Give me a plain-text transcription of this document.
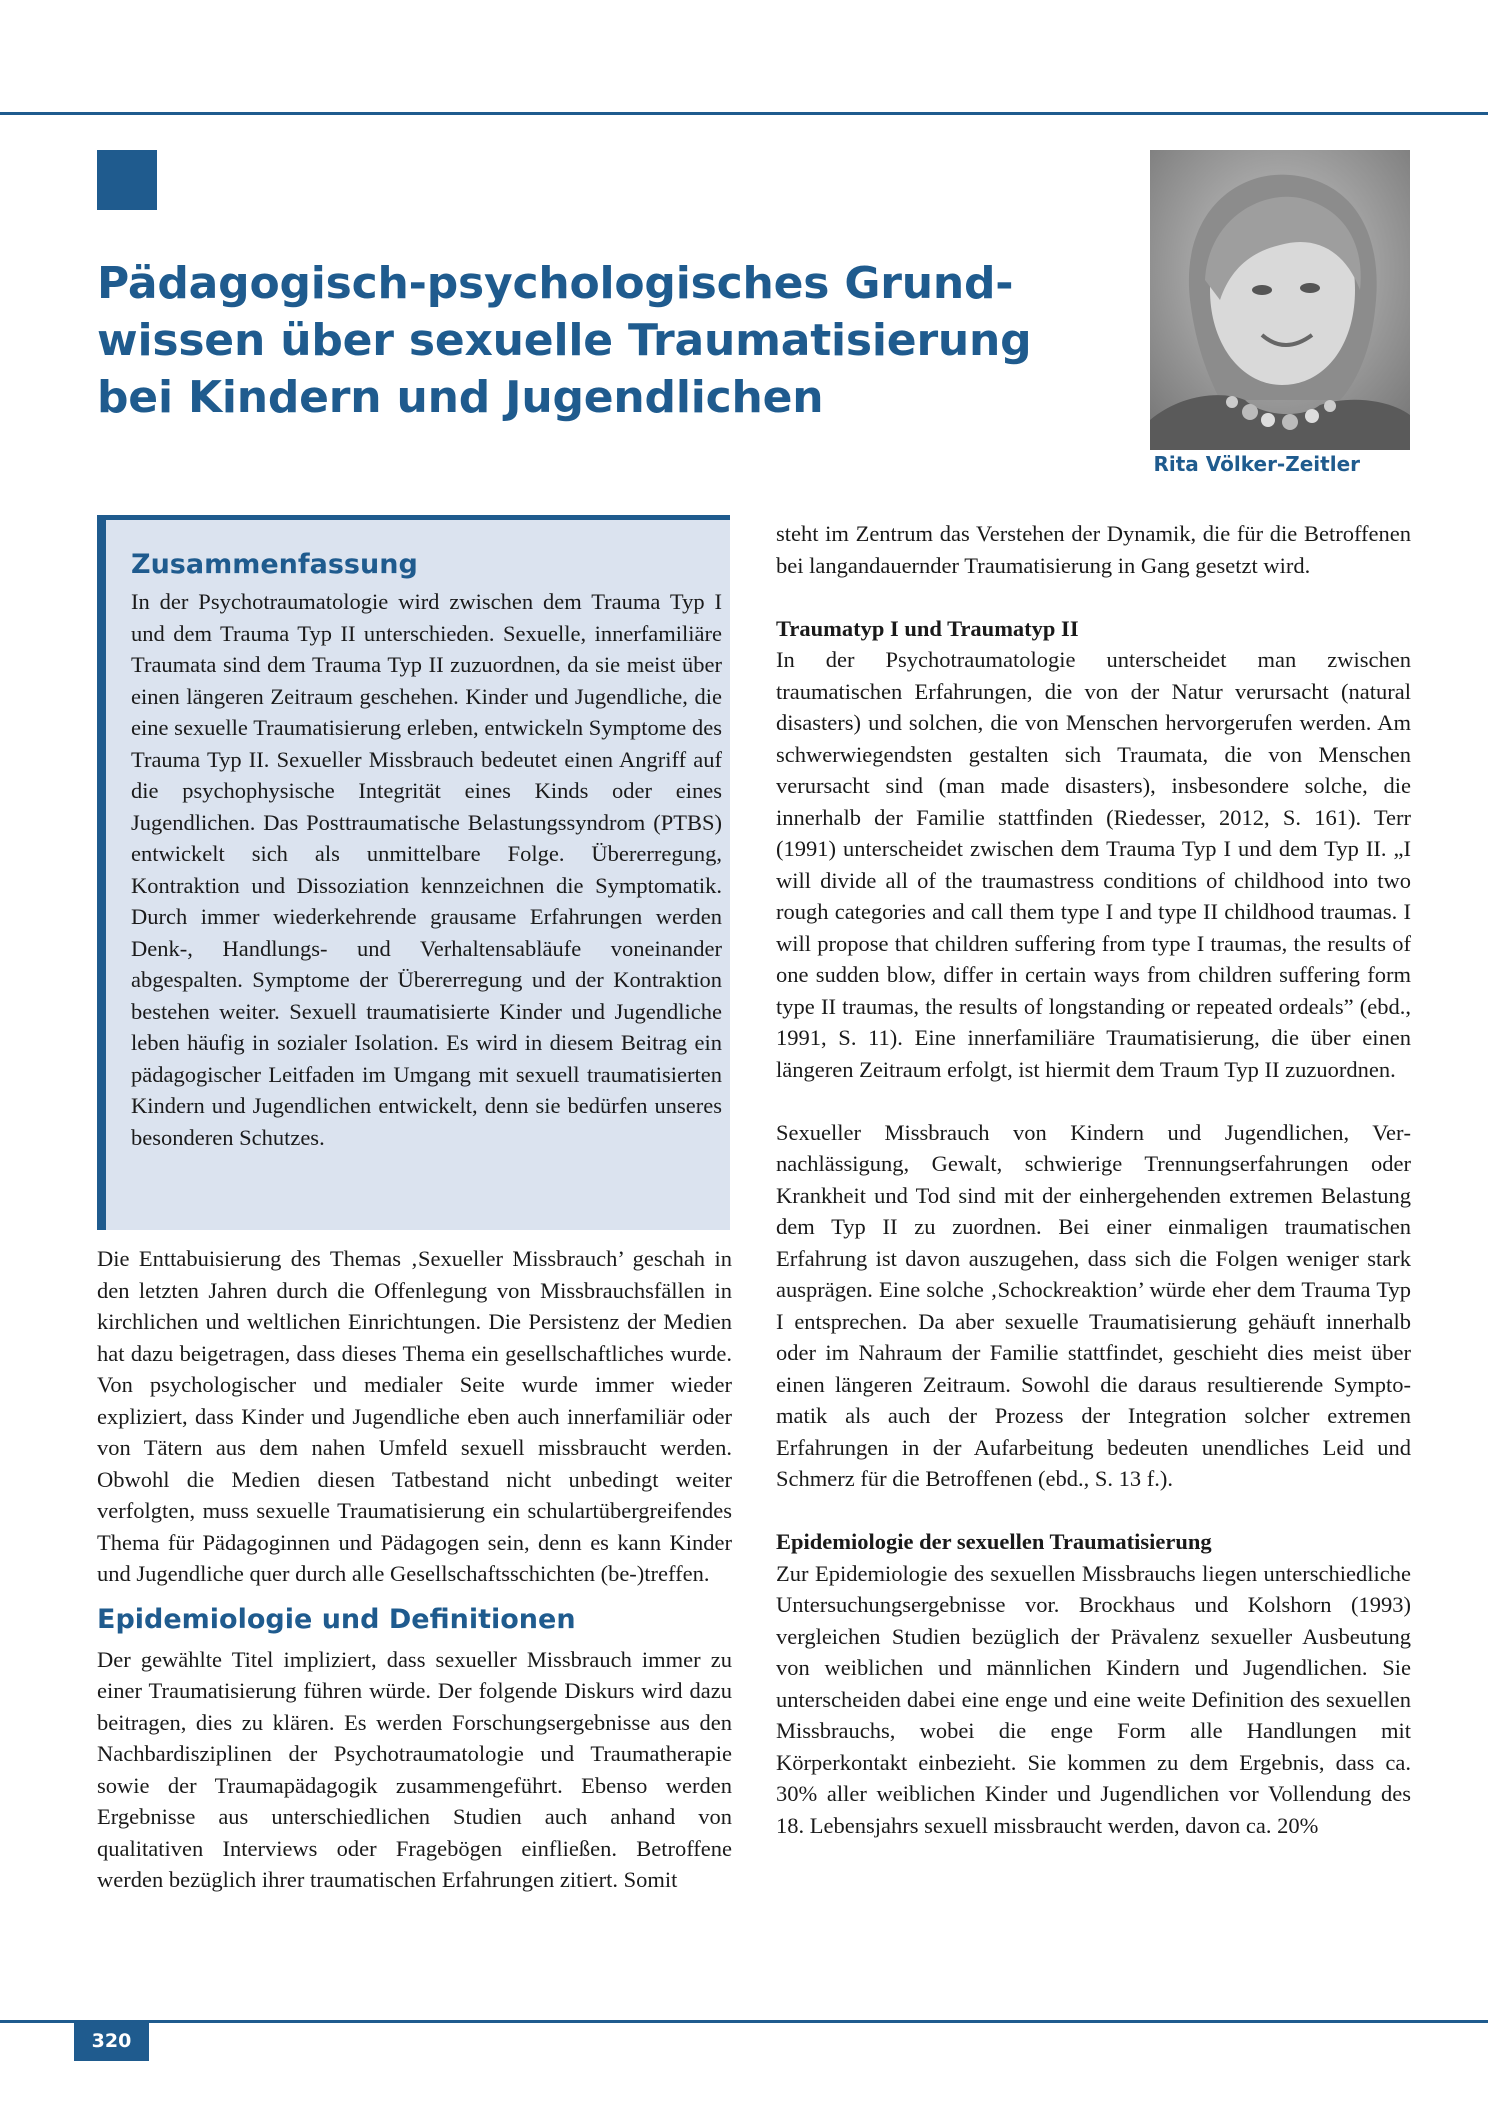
Pädagogisch-psychologisches Grund-
wissen über sexuelle Traumatisierung
bei Kindern und Jugendlichen
Rita Völker-Zeitler
Zusammenfassung

In der Psychotraumatologie wird zwischen dem Trauma Typ I und dem Trauma Typ II unterschieden. Sexuelle, innerfamiliäre Traumata sind dem Trauma Typ II zuzuordnen, da sie meist über einen längeren Zeitraum geschehen. Kinder und Jugendliche, die eine sexuelle Traumatisierung erleben, entwickeln Symptome des Trauma Typ II. Sexueller Missbrauch bedeutet einen Angriff auf die psychophysische Integrität eines Kinds oder eines Jugendlichen. Das Posttraumatische Belastungssyndrom (PTBS) entwickelt sich als unmittelbare Folge. Übererregung, Kontraktion und Dissoziation kennzeichnen die Symptomatik. Durch immer wiederkehrende grausame Erfahrungen werden Denk-, Handlungs- und Verhaltensabläufe voneinander abgespalten. Symptome der Übererregung und der Kontraktion bestehen weiter. Sexuell traumatisierte Kinder und Jugendliche leben häufig in sozialer Isolation. Es wird in diesem Beitrag ein pädagogischer Leitfaden im Umgang mit sexuell traumatisierten Kindern und Jugendlichen entwickelt, denn sie bedürfen unseres besonderen Schutzes.

Die Enttabuisierung des Themas ‚Sexueller Missbrauch’ geschah in den letzten Jahren durch die Offenlegung von Missbrauchsfällen in kirchlichen und weltlichen Einrichtungen. Die Persistenz der Medien hat dazu beigetragen, dass dieses Thema ein gesellschaftliches wurde. Von psychologischer und medialer Seite wurde immer wieder expliziert, dass Kinder und Jugendliche eben auch innerfamiliär oder von Tätern aus dem nahen Umfeld sexuell missbraucht werden. Obwohl die Medien diesen Tatbestand nicht unbedingt weiter verfolgten, muss sexuelle Traumatisierung ein schulartübergreifendes Thema für Pädagoginnen und Pädagogen sein, denn es kann Kinder und Jugendliche quer durch alle Gesellschaftsschichten (be-)treffen.

Epidemiologie und Definitionen

Der gewählte Titel impliziert, dass sexueller Missbrauch immer zu einer Traumatisierung führen würde. Der folgende Diskurs wird dazu beitragen, dies zu klären. Es werden Forschungsergebnisse aus den Nachbardisziplinen der Psychotraumatologie und Traumatherapie sowie der Traumapädagogik zusammengeführt. Ebenso werden Ergebnisse aus unterschiedlichen Studien auch anhand von qualitativen Interviews oder Fragebögen einfließen. Betroffene werden bezüglich ihrer traumatischen Erfahrungen zitiert. Somit

steht im Zentrum das Verstehen der Dynamik, die für die Betroffenen bei langandauernder Traumatisierung in Gang gesetzt wird.

Traumatyp I und Traumatyp II

In der Psychotraumatologie unterscheidet man zwischen traumatischen Erfahrungen, die von der Natur verursacht (natural disasters) und solchen, die von Menschen hervorgerufen werden. Am schwerwiegendsten gestalten sich Traumata, die von Menschen verursacht sind (man made disasters), insbesondere solche, die innerhalb der Familie stattfinden (Riedesser, 2012, S. 161). Terr (1991) unterscheidet zwischen dem Trauma Typ I und dem Typ II. „I will divide all of the traumastress conditions of childhood into two rough categories and call them type I and type II childhood traumas. I will propose that children suffering from type I traumas, the results of one sudden blow, differ in certain ways from children suffering form type II traumas, the results of longstanding or repeated ordeals” (ebd., 1991, S. 11). Eine innerfamiliäre Traumatisierung, die über einen längeren Zeitraum erfolgt, ist hiermit dem Traum Typ II zuzuordnen.

Sexueller Missbrauch von Kindern und Jugendlichen, Vernachlässigung, Gewalt, schwierige Trennungserfahrungen oder Krankheit und Tod sind mit der einhergehenden extremen Belastung dem Typ II zu zuordnen. Bei einer einmaligen traumatischen Erfahrung ist davon auszugehen, dass sich die Folgen weniger stark ausprägen. Eine solche ‚Schockreaktion’ würde eher dem Trauma Typ I entsprechen. Da aber sexuelle Traumatisierung gehäuft innerhalb oder im Nahraum der Familie stattfindet, geschieht dies meist über einen längeren Zeitraum. Sowohl die daraus resultierende Symptomatik als auch der Prozess der Integration solcher extremen Erfahrungen in der Aufarbeitung bedeuten unendliches Leid und Schmerz für die Betroffenen (ebd., S. 13 f.).

Epidemiologie der sexuellen Traumatisierung

Zur Epidemiologie des sexuellen Missbrauchs liegen unterschiedliche Untersuchungsergebnisse vor. Brockhaus und Kolshorn (1993) vergleichen Studien bezüglich der Prävalenz sexueller Ausbeutung von weiblichen und männlichen Kindern und Jugendlichen. Sie unterscheiden dabei eine enge und eine weite Definition des sexuellen Missbrauchs, wobei die enge Form alle Handlungen mit Körperkontakt einbezieht. Sie kommen zu dem Ergebnis, dass ca. 30% aller weiblichen Kinder und Jugendlichen vor Vollendung des 18. Lebensjahrs sexuell missbraucht werden, davon ca. 20%

320
